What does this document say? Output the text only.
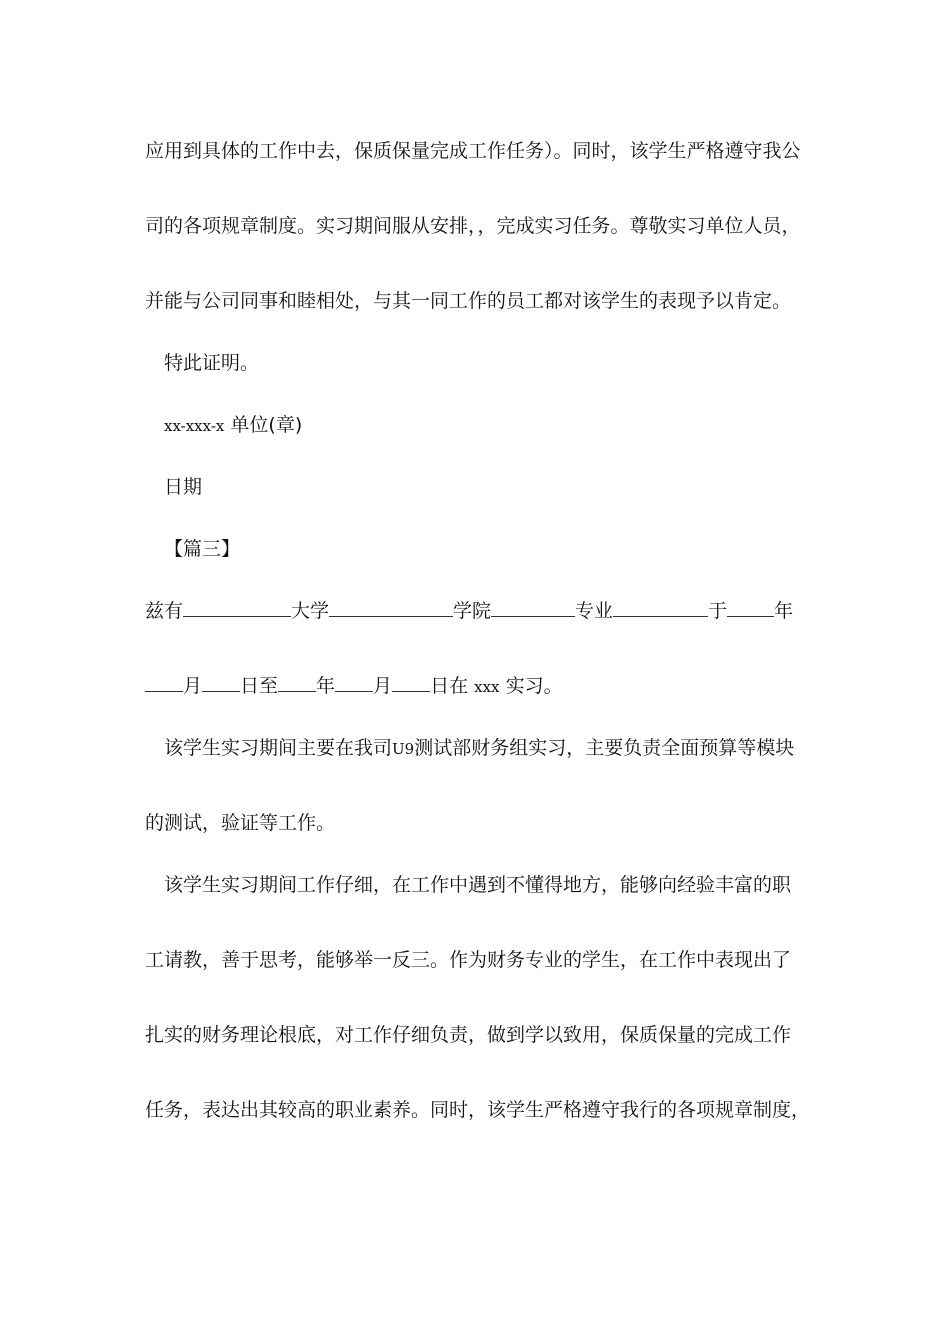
应用到具体的工作中去，保质保量完成工作任务）。同时，该学生严格遵守我公
司的各项规章制度。实习期间服从安排，，完成实习任务。尊敬实习单位人员，
并能与公司同事和睦相处，与其一同工作的员工都对该学生的表现予以肯定。
特此证明。
xx-xxx-x 单位(章)
日期
【篇三】
兹有	大学	学院	专业	于 年
月 日至 年 月 日在 xxx 实习。
该学生实习期间主要在我司U9测试部财务组实习，主要负责全面预算等模块
的测试，验证等工作。
该学生实习期间工作仔细，在工作中遇到不懂得地方，能够向经验丰富的职
工请教，善于思考，能够举一反三。作为财务专业的学生，在工作中表现出了
扎实的财务理论根底，对工作仔细负责，做到学以致用，保质保量的完成工作
任务，表达出其较高的职业素养。同时，该学生严格遵守我行的各项规章制度，
